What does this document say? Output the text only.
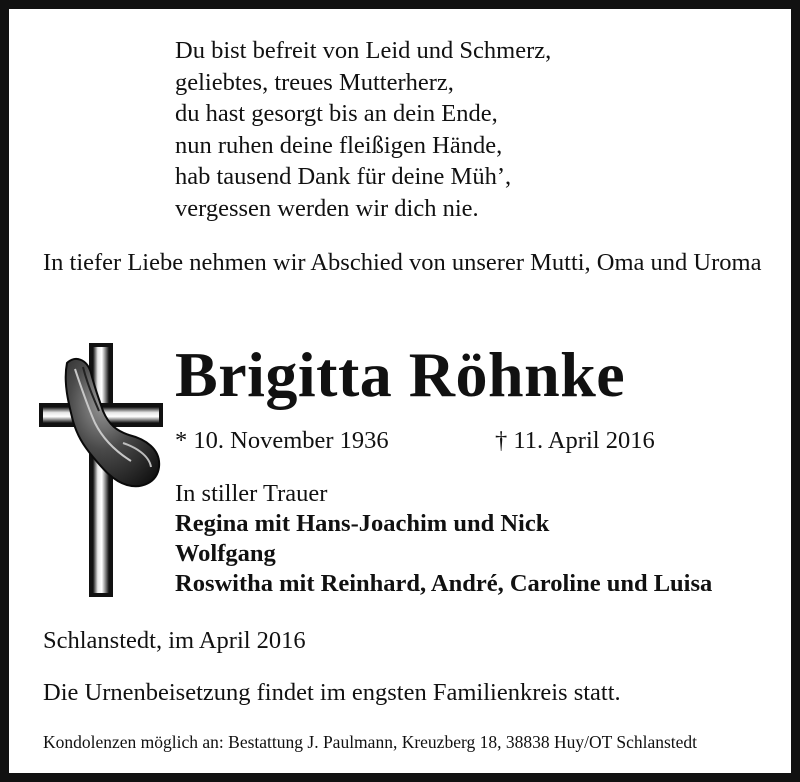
Du bist befreit von Leid und Schmerz,
geliebtes, treues Mutterherz,
du hast gesorgt bis an dein Ende,
nun ruhen deine fleißigen Hände,
hab tausend Dank für deine Müh’,
vergessen werden wir dich nie.
In tiefer Liebe nehmen wir Abschied von unserer Mutti, Oma und Uroma
Brigitta Röhnke
* 10. November 1936	† 11. April 2016
In stiller Trauer
Regina mit Hans-Joachim und Nick
Wolfgang
Roswitha mit Reinhard, André, Caroline und Luisa
Schlanstedt, im April 2016
Die Urnenbeisetzung findet im engsten Familienkreis statt.
Kondolenzen möglich an: Bestattung J. Paulmann, Kreuzberg 18, 38838 Huy/OT Schlanstedt
